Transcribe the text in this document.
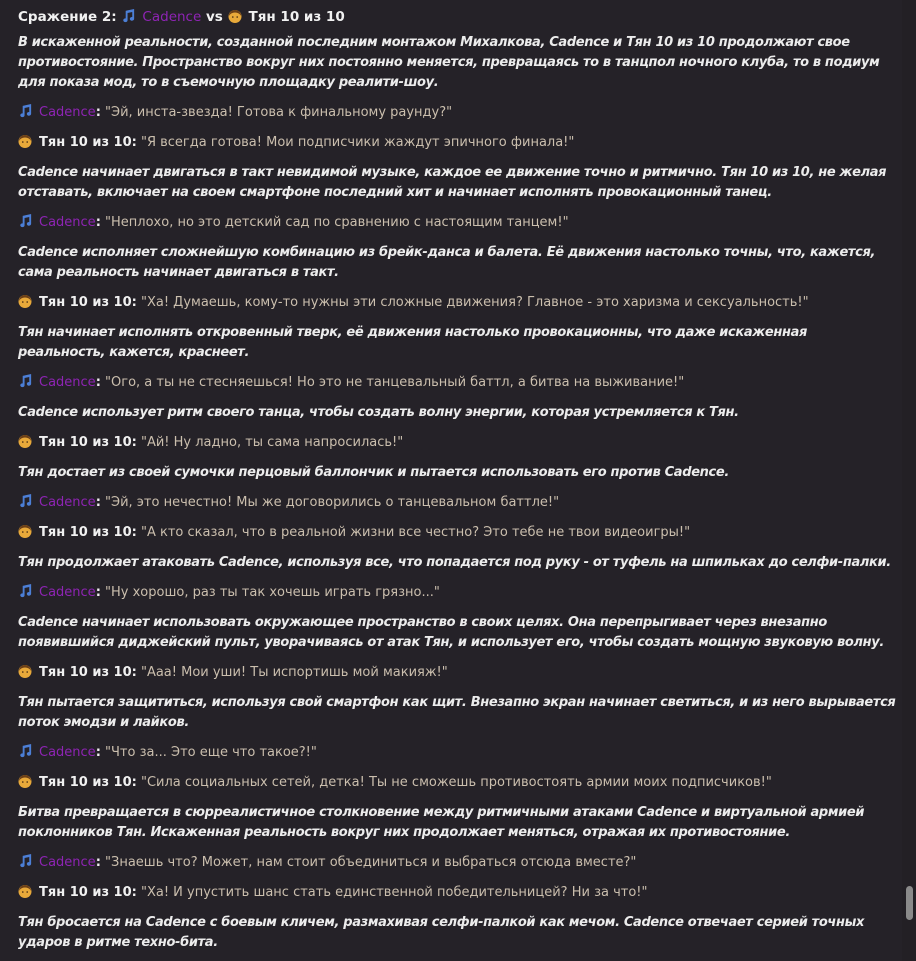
Сражение 2: Cadence vs Тян 10 из 10
В искаженной реальности, созданной последним монтажом Михалкова, Cadence и Тян 10 из 10 продолжают свое противостояние. Пространство вокруг них постоянно меняется, превращаясь то в танцпол ночного клуба, то в подиум для показа мод, то в съемочную площадку реалити-шоу.
Cadence: "Эй, инста-звезда! Готова к финальному раунду?"
Тян 10 из 10: "Я всегда готова! Мои подписчики жаждут эпичного финала!"
Cadence начинает двигаться в такт невидимой музыке, каждое ее движение точно и ритмично. Тян 10 из 10, не желая отставать, включает на своем смартфоне последний хит и начинает исполнять провокационный танец.
Cadence: "Неплохо, но это детский сад по сравнению с настоящим танцем!"
Cadence исполняет сложнейшую комбинацию из брейк-данса и балета. Её движения настолько точны, что, кажется, сама реальность начинает двигаться в такт.
Тян 10 из 10: "Ха! Думаешь, кому-то нужны эти сложные движения? Главное - это харизма и сексуальность!"
Тян начинает исполнять откровенный тверк, её движения настолько провокационны, что даже искаженная реальность, кажется, краснеет.
Cadence: "Ого, а ты не стесняешься! Но это не танцевальный баттл, а битва на выживание!"
Cadence использует ритм своего танца, чтобы создать волну энергии, которая устремляется к Тян.
Тян 10 из 10: "Ай! Ну ладно, ты сама напросилась!"
Тян достает из своей сумочки перцовый баллончик и пытается использовать его против Cadence.
Cadence: "Эй, это нечестно! Мы же договорились о танцевальном баттле!"
Тян 10 из 10: "А кто сказал, что в реальной жизни все честно? Это тебе не твои видеоигры!"
Тян продолжает атаковать Cadence, используя все, что попадается под руку - от туфель на шпильках до селфи-палки.
Cadence: "Ну хорошо, раз ты так хочешь играть грязно..."
Cadence начинает использовать окружающее пространство в своих целях. Она перепрыгивает через внезапно появившийся диджейский пульт, уворачиваясь от атак Тян, и использует его, чтобы создать мощную звуковую волну.
Тян 10 из 10: "Ааа! Мои уши! Ты испортишь мой макияж!"
Тян пытается защититься, используя свой смартфон как щит. Внезапно экран начинает светиться, и из него вырывается поток эмодзи и лайков.
Cadence: "Что за... Это еще что такое?!"
Тян 10 из 10: "Сила социальных сетей, детка! Ты не сможешь противостоять армии моих подписчиков!"
Битва превращается в сюрреалистичное столкновение между ритмичными атаками Cadence и виртуальной армией поклонников Тян. Искаженная реальность вокруг них продолжает меняться, отражая их противостояние.
Cadence: "Знаешь что? Может, нам стоит объединиться и выбраться отсюда вместе?"
Тян 10 из 10: "Ха! И упустить шанс стать единственной победительницей? Ни за что!"
Тян бросается на Cadence с боевым кличем, размахивая селфи-палкой как мечом. Cadence отвечает серией точных ударов в ритме техно-бита.
